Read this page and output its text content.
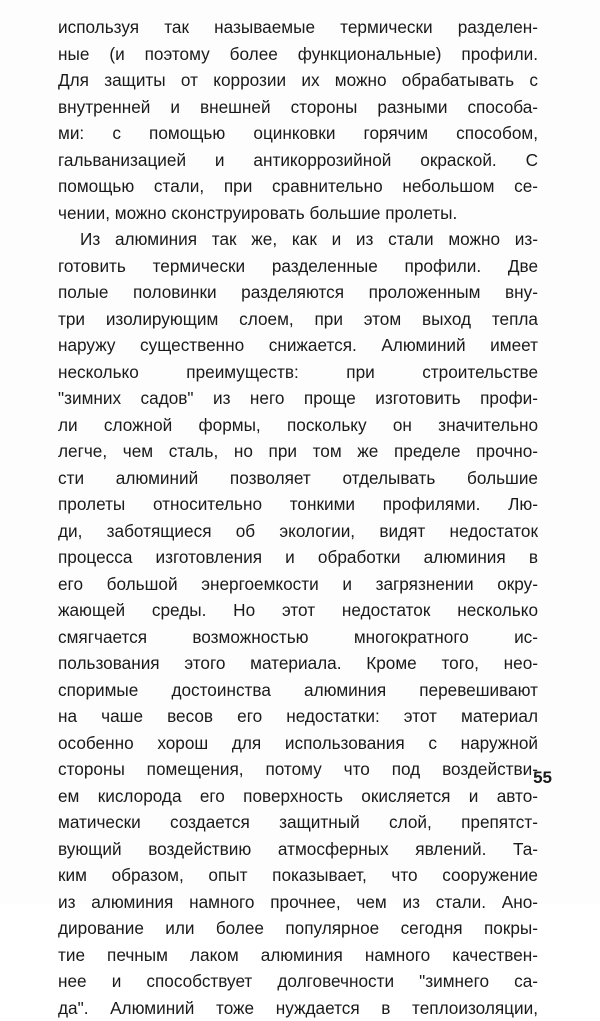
используя так называемые термически разделен-
ные (и поэтому более функциональные) профили.
Для защиты от коррозии их можно обрабатывать с
внутренней и внешней стороны разными способа-
ми: с помощью оцинковки горячим способом,
гальванизацией и антикоррозийной окраской. С
помощью стали, при сравнительно небольшом се-
чении, можно сконструировать большие пролеты.
Из алюминия так же, как и из стали можно из-
готовить термически разделенные профили. Две
полые половинки разделяются проложенным вну-
три изолирующим слоем, при этом выход тепла
наружу существенно снижается. Алюминий имеет
несколько преимуществ: при строительстве
"зимних садов" из него проще изготовить профи-
ли сложной формы, поскольку он значительно
легче, чем сталь, но при том же пределе прочно-
сти алюминий позволяет отделывать большие
пролеты относительно тонкими профилями. Лю-
ди, заботящиеся об экологии, видят недостаток
процесса изготовления и обработки алюминия в
его большой энергоемкости и загрязнении окру-
жающей среды. Но этот недостаток несколько
смягчается возможностью многократного ис-
пользования этого материала. Кроме того, нео-
споримые достоинства алюминия перевешивают
на чаше весов его недостатки: этот материал
особенно хорош для использования с наружной
стороны помещения, потому что под воздействи-
ем кислорода его поверхность окисляется и авто-
матически создается защитный слой, препятст-
вующий воздействию атмосферных явлений. Та-
ким образом, опыт показывает, что сооружение
из алюминия намного прочнее, чем из стали. Ано-
дирование или более популярное сегодня покры-
тие печным лаком алюминия намного качествен-
нее и способствует долговечности "зимнего са-
да". Алюминий тоже нуждается в теплоизоляции,
55
